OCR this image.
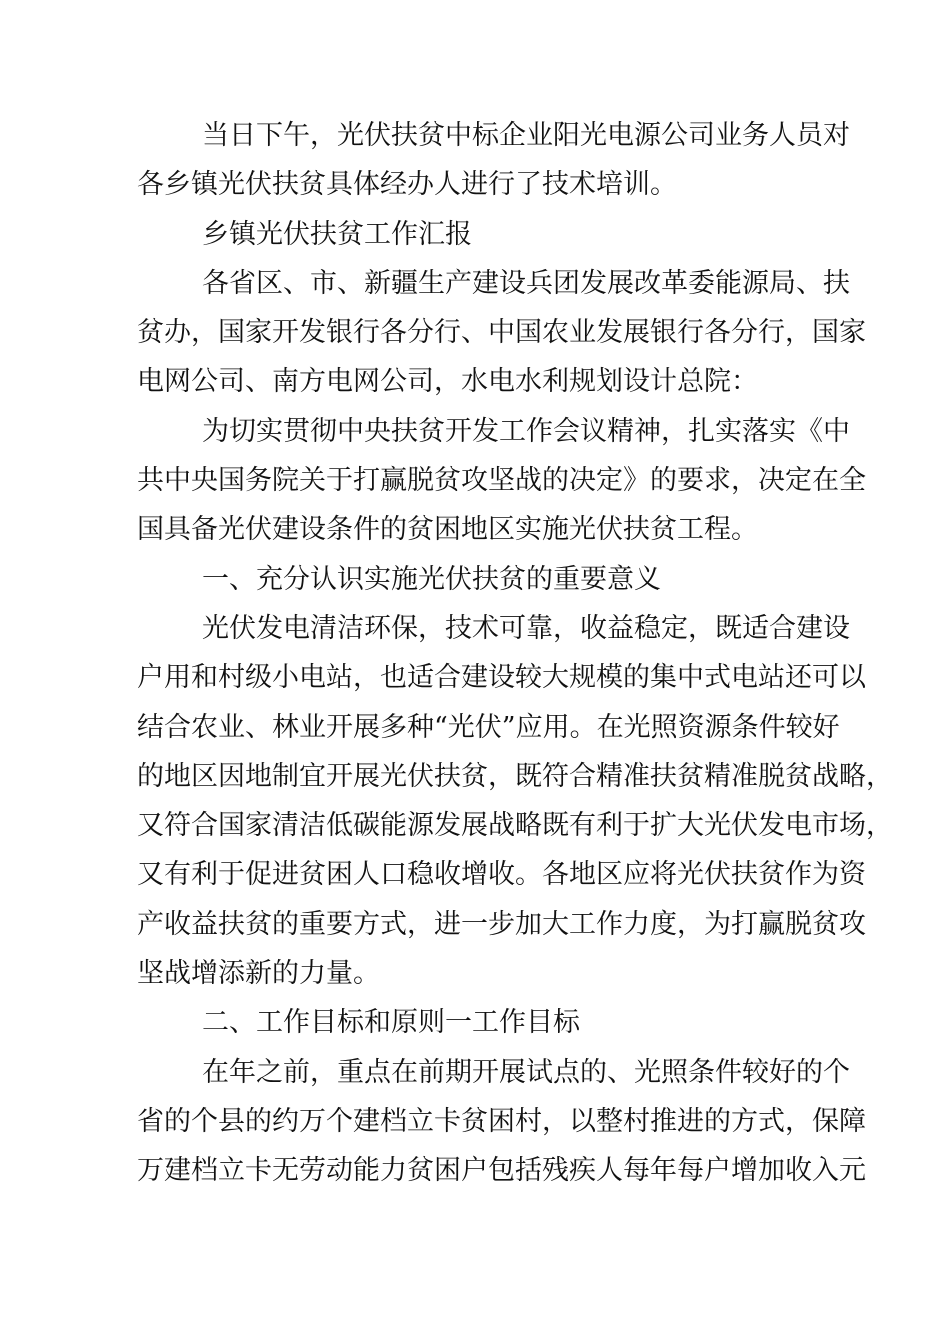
当日下午，光伏扶贫中标企业阳光电源公司业务人员对
各乡镇光伏扶贫具体经办人进行了技术培训。
乡镇光伏扶贫工作汇报
各省区、市、新疆生产建设兵团发展改革委能源局、扶
贫办，国家开发银行各分行、中国农业发展银行各分行，国家
电网公司、南方电网公司，水电水利规划设计总院：
为切实贯彻中央扶贫开发工作会议精神，扎实落实《中
共中央国务院关于打赢脱贫攻坚战的决定》的要求，决定在全
国具备光伏建设条件的贫困地区实施光伏扶贫工程。
一、充分认识实施光伏扶贫的重要意义
光伏发电清洁环保，技术可靠，收益稳定，既适合建设
户用和村级小电站，也适合建设较大规模的集中式电站还可以
结合农业、林业开展多种“光伏”应用。在光照资源条件较好
的地区因地制宜开展光伏扶贫，既符合精准扶贫精准脱贫战略，
又符合国家清洁低碳能源发展战略既有利于扩大光伏发电市场，
又有利于促进贫困人口稳收增收。各地区应将光伏扶贫作为资
产收益扶贫的重要方式，进一步加大工作力度，为打赢脱贫攻
坚战增添新的力量。
二、工作目标和原则一工作目标
在年之前，重点在前期开展试点的、光照条件较好的个
省的个县的约万个建档立卡贫困村，以整村推进的方式，保障
万建档立卡无劳动能力贫困户包括残疾人每年每户增加收入元
